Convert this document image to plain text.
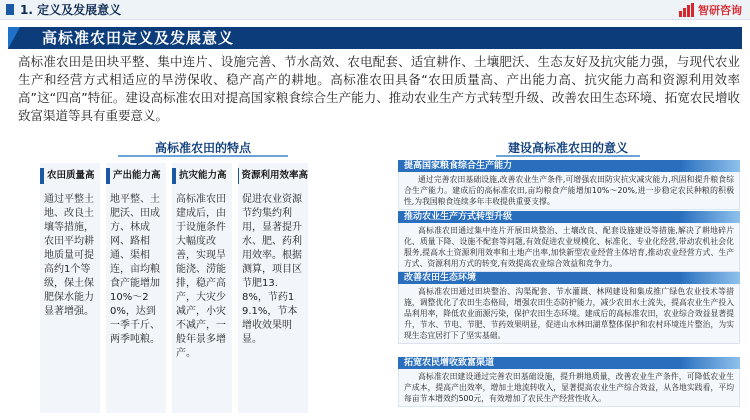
1. 定义及发展意义	智研咨询
高标准农田定义及发展意义

高标准农田是田块平整、集中连片、设施完善、节水高效、农电配套、适宜耕作、土壤肥沃、生态友好及抗灾能力强，与现代农业生产和经营方式相适应的旱涝保收、稳产高产的耕地。高标准农田具备“农田质量高、产出能力高、抗灾能力高和资源利用效率高”这“四高”特征。建设高标准农田对提高国家粮食综合生产能力、推动农业生产方式转型升级、改善农田生态环境、拓宽农民增收致富渠道等具有重要意义。

高标准农田的特点
农田质量高
通过平整土地、改良土壤等措施，农田平均耕地质量可提高约1个等级，保土保肥保水能力显著增强。
产出能力高
地平整、土肥沃、田成方、林成网、路相通、渠相连，亩均粮食产能增加10%～20%，达到一季千斤、两季吨粮。
抗灾能力高
高标准农田建成后，由于设施条件大幅度改善，实现旱能浇、涝能排，稳产高产，大灾少减产，小灾不减产，一般年景多增产。
资源利用效率高
促进农业资源节约集约利用，显著提升水、肥、药利用效率。根据测算，项目区节肥13.8%，节药19.1%，节本增收效果明显。
建设高标准农田的意义
提高国家粮食综合生产能力
通过完善农田基础设施,改善农业生产条件,可增强农田防灾抗灾减灾能力,巩固和提升粮食综合生产能力。建成后的高标准农田,亩均粮食产能增加10%～20%,进一步稳定农民种粮的积极性,为我国粮食连续多年丰收提供重要支撑。
推动农业生产方式转型升级
高标准农田通过集中连片开展田块整治、土壤改良、配套设施建设等措施,解决了耕地碎片化、质量下降、设施不配套等问题,有效促进农业规模化、标准化、专业化经营,带动农机社会化服务,提高水土资源利用效率和土地产出率,加快新型农业经营主体培育,推动农业经营方式、生产方式、资源利用方式的转变,有效提高农业综合效益和竞争力。
改善农田生态环境
高标准农田通过田块整治、沟渠配套、节水灌溉、林网建设和集成推广绿色农业技术等措施，调整优化了农田生态格局，增强农田生态防护能力，减少农田水土流失，提高农业生产投入品利用率，降低农业面源污染，保护农田生态环境。建成后的高标准农田，农业综合效益显著提升，节水、节电、节肥、节药效果明显，促进山水林田湖草整体保护和农村环境连片整治，为实现生态宜居打下了坚实基础。
拓宽农民增收致富渠道
高标准农田建设通过完善农田基础设施，提升耕地质量，改善农业生产条件，可降低农业生产成本，提高产出效率，增加土地流转收入，显著提高农业生产综合效益，从各地实践看，平均每亩节本增效约500元，有效增加了农民生产经营性收入。
